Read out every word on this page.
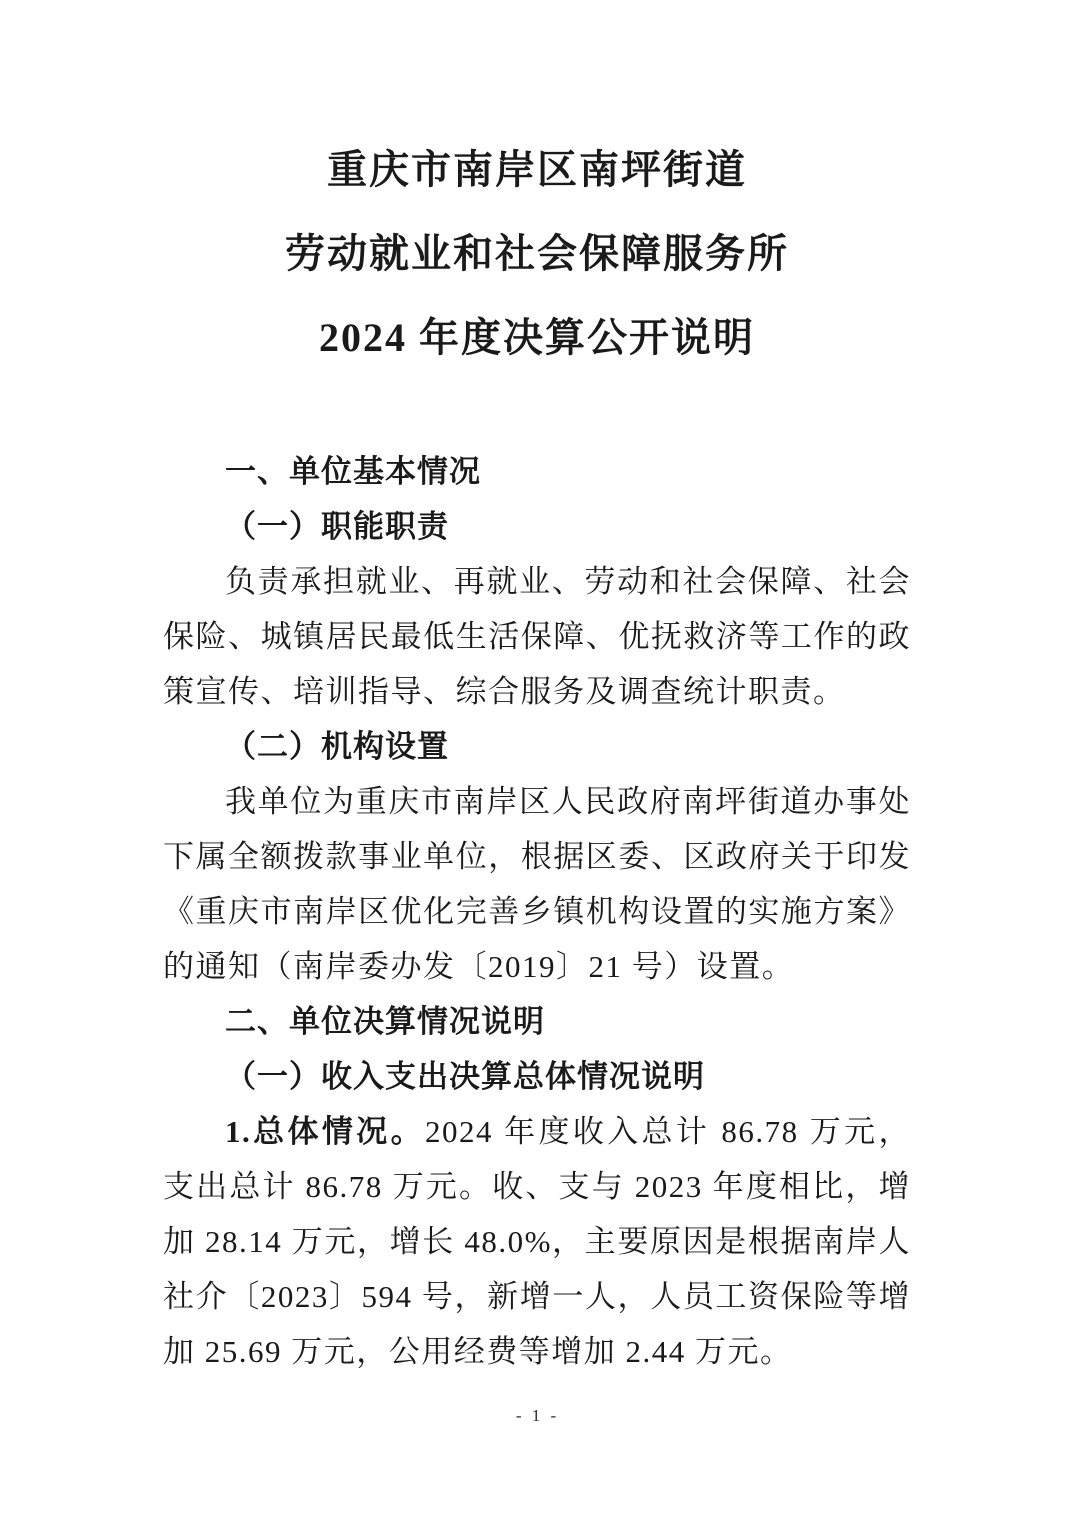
重庆市南岸区南坪街道
劳动就业和社会保障服务所
2024 年度决算公开说明
一、单位基本情况
（一）职能职责
负责承担就业、再就业、劳动和社会保障、社会保险、城镇居民最低生活保障、优抚救济等工作的政策宣传、培训指导、综合服务及调查统计职责。
（二）机构设置
我单位为重庆市南岸区人民政府南坪街道办事处下属全额拨款事业单位，根据区委、区政府关于印发《重庆市南岸区优化完善乡镇机构设置的实施方案》的通知（南岸委办发〔2019〕21 号）设置。
二、单位决算情况说明
（一）收入支出决算总体情况说明
1.总体情况。2024 年度收入总计 86.78 万元，支出总计 86.78 万元。收、支与 2023 年度相比，增加 28.14 万元，增长 48.0%，主要原因是根据南岸人社介〔2023〕594 号，新增一人，人员工资保险等增加 25.69 万元，公用经费等增加 2.44 万元。
- 1 -
